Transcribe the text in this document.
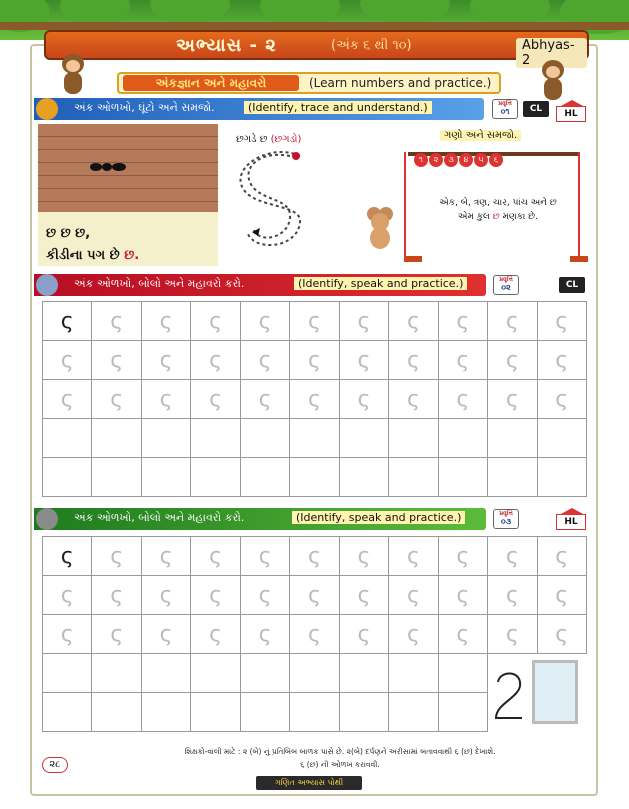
અભ્યાસ - ૨	(અંક ૬ થી ૧૦)	Abhyas-2
અંકજ્ઞાન અને મહાવરો	(Learn numbers and practice.)
અંક ઓળખો, ઘૂંટો અને સમજો.	(Identify, trace and understand.)	પ્રવૃત્તિ
૦૧	CL	HL
છ છ છ,
કીડીના પગ છે છ.
છગડે છ (છગડો)	ગણો અને સમજો.
૧	૨	૩	૪	૫	૬
એક, બે, ત્રણ, ચાર, પાંચ અને છ
એમ કુલ છ મણકા છે.
અંક ઓળખો, બોલો અને મહાવરો કરો.	(Identify, speak and practice.)	પ્રવૃત્તિ
૦૨	CL
ς	ς	ς	ς	ς	ς	ς	ς	ς	ς	ς
ς	ς	ς	ς	ς	ς	ς	ς	ς	ς	ς
ς	ς	ς	ς	ς	ς	ς	ς	ς	ς	ς
અંક ઓળખો, બોલો અને મહાવરો કરો.	(Identify, speak and practice.)	પ્રવૃત્તિ
૦૩	HL
ς	ς	ς	ς	ς	ς	ς	ς	ς	ς	ς
ς	ς	ς	ς	ς	ς	ς	ς	ς	ς	ς
ς	ς	ς	ς	ς	ς	ς	ς	ς	ς	ς
શિક્ષકો-વાલી માટે : ૨ (બે) નું પ્રતિબિંબ બાળક પાસે છે. ૨(બે) દર્પણને અરીસામાં બતાવવાથી ૬ (છ) દેખાશે.
૬ (છ) ની ઓળખ કરાવવી.
૨૮
ગણિત અભ્યાસ પોથી
